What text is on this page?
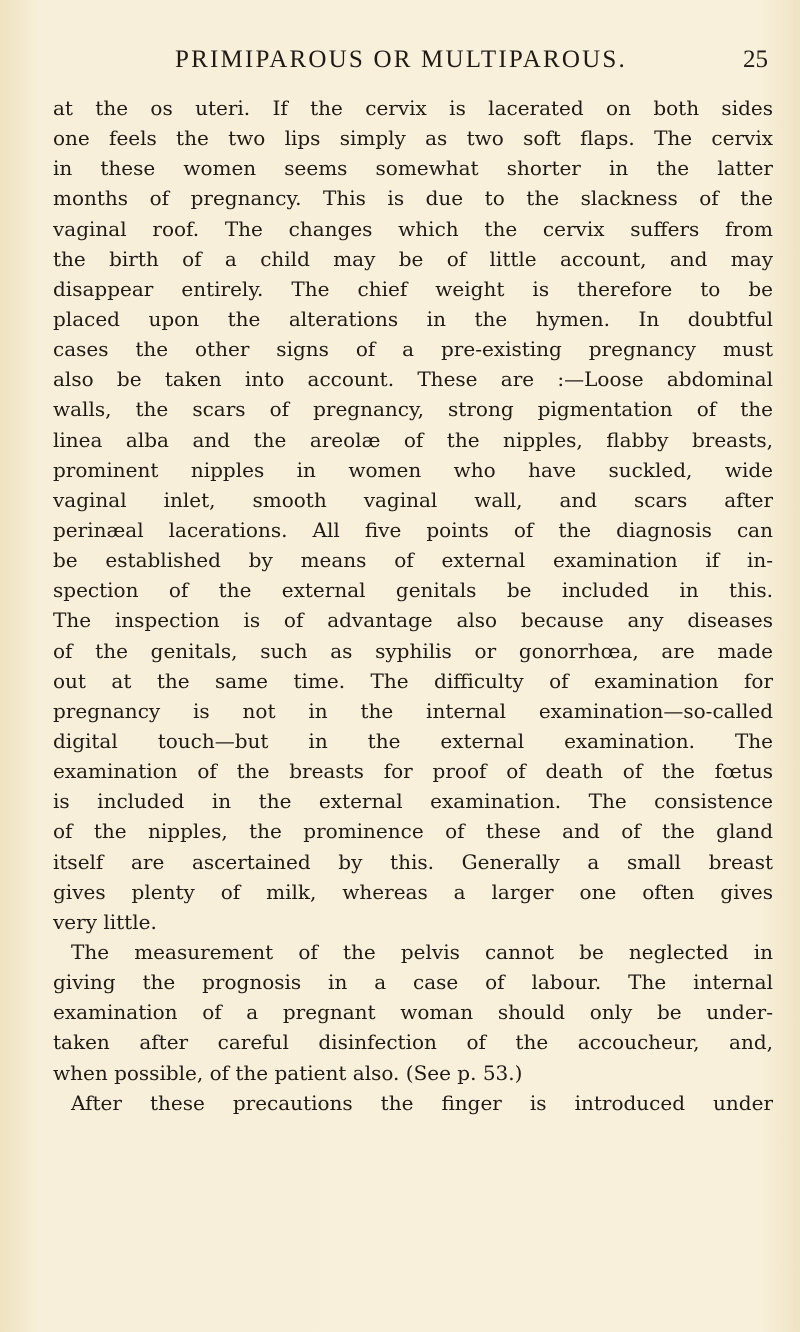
PRIMIPAROUS OR MULTIPAROUS.	25
at the os uteri. If the cervix is lacerated on both sides
one feels the two lips simply as two soft flaps. The cervix
in these women seems somewhat shorter in the latter
months of pregnancy. This is due to the slackness of the
vaginal roof. The changes which the cervix suffers from
the birth of a child may be of little account, and may
disappear entirely. The chief weight is therefore to be
placed upon the alterations in the hymen. In doubtful
cases the other signs of a pre-existing pregnancy must
also be taken into account. These are :—Loose abdominal
walls, the scars of pregnancy, strong pigmentation of the
linea alba and the areolæ of the nipples, flabby breasts,
prominent nipples in women who have suckled, wide
vaginal inlet, smooth vaginal wall, and scars after
perinæal lacerations. All five points of the diagnosis can
be established by means of external examination if in-
spection of the external genitals be included in this.
The inspection is of advantage also because any diseases
of the genitals, such as syphilis or gonorrhœa, are made
out at the same time. The difficulty of examination for
pregnancy is not in the internal examination—so-called
digital touch—but in the external examination. The
examination of the breasts for proof of death of the fœtus
is included in the external examination. The consistence
of the nipples, the prominence of these and of the gland
itself are ascertained by this. Generally a small breast
gives plenty of milk, whereas a larger one often gives
very little.
The measurement of the pelvis cannot be neglected in
giving the prognosis in a case of labour. The internal
examination of a pregnant woman should only be under-
taken after careful disinfection of the accoucheur, and,
when possible, of the patient also. (See p. 53.)
After these precautions the finger is introduced under
